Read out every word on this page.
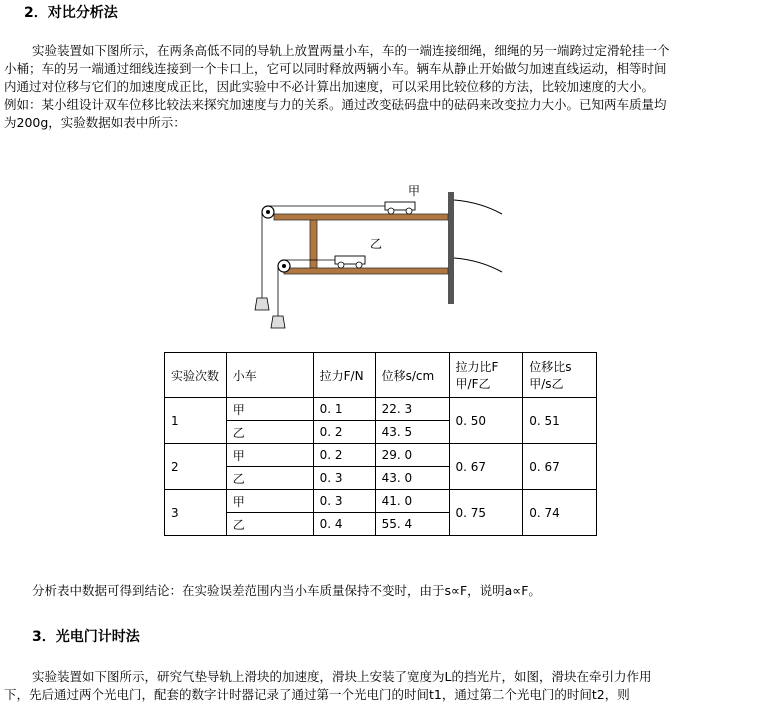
2．对比分析法
实验装置如下图所示，在两条高低不同的导轨上放置两量小车，车的一端连接细绳，细绳的另一端跨过定滑轮挂一个
小桶；车的另一端通过细线连接到一个卡口上，它可以同时释放两辆小车。辆车从静止开始做匀加速直线运动，相等时间
内通过对位移与它们的加速度成正比，因此实验中不必计算出加速度，可以采用比较位移的方法，比较加速度的大小。
例如：某小组设计双车位移比较法来探究加速度与力的关系。通过改变砝码盘中的砝码来改变拉力大小。已知两车质量均
为200g，实验数据如表中所示：
甲
乙
实验次数	小车	拉力F/N	位移s/cm	拉力比F甲/F乙	位移比s甲/s乙
1	甲	0. 1	22. 3	0. 50	0. 51
	乙	0. 2	43. 5		
2	甲	0. 2	29. 0	0. 67	0. 67
	乙	0. 3	43. 0		
3	甲	0. 3	41. 0	0. 75	0. 74
	乙	0. 4	55. 4		
分析表中数据可得到结论：在实验误差范围内当小车质量保持不变时，由于s∝F，说明a∝F。
3．光电门计时法
实验装置如下图所示，研究气垫导轨上滑块的加速度，滑块上安装了宽度为L的挡光片，如图，滑块在牵引力作用
下，先后通过两个光电门，配套的数字计时器记录了通过第一个光电门的时间t1，通过第二个光电门的时间t2，则
